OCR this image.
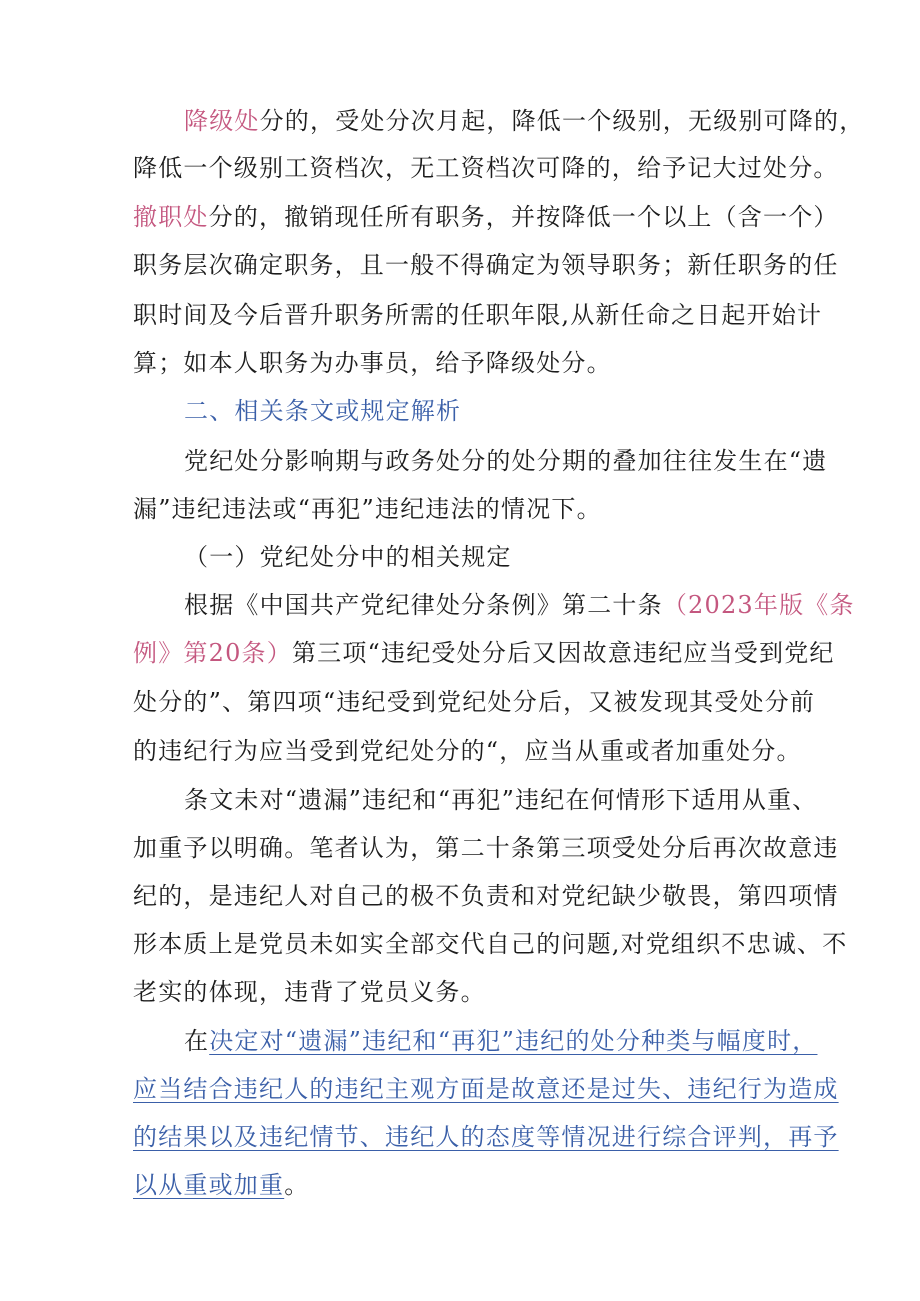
降级处分的，受处分次月起，降低一个级别，无级别可降的，
降低一个级别工资档次，无工资档次可降的，给予记大过处分。
撤职处分的，撤销现任所有职务，并按降低一个以上（含一个）
职务层次确定职务，且一般不得确定为领导职务；新任职务的任
职时间及今后晋升职务所需的任职年限,从新任命之日起开始计
算；如本人职务为办事员，给予降级处分。
二、相关条文或规定解析
党纪处分影响期与政务处分的处分期的叠加往往发生在“遗
漏”违纪违法或“再犯”违纪违法的情况下。
（一）党纪处分中的相关规定
根据《中国共产党纪律处分条例》第二十条（2023年版《条
例》第20条）第三项“违纪受处分后又因故意违纪应当受到党纪
处分的”、第四项“违纪受到党纪处分后，又被发现其受处分前
的违纪行为应当受到党纪处分的“，应当从重或者加重处分。
条文未对“遗漏”违纪和“再犯”违纪在何情形下适用从重、
加重予以明确。笔者认为，第二十条第三项受处分后再次故意违
纪的，是违纪人对自己的极不负责和对党纪缺少敬畏，第四项情
形本质上是党员未如实全部交代自己的问题,对党组织不忠诚、不
老实的体现，违背了党员义务。
在决定对“遗漏”违纪和“再犯”违纪的处分种类与幅度时，
应当结合违纪人的违纪主观方面是故意还是过失、违纪行为造成
的结果以及违纪情节、违纪人的态度等情况进行综合评判，再予
以从重或加重。
